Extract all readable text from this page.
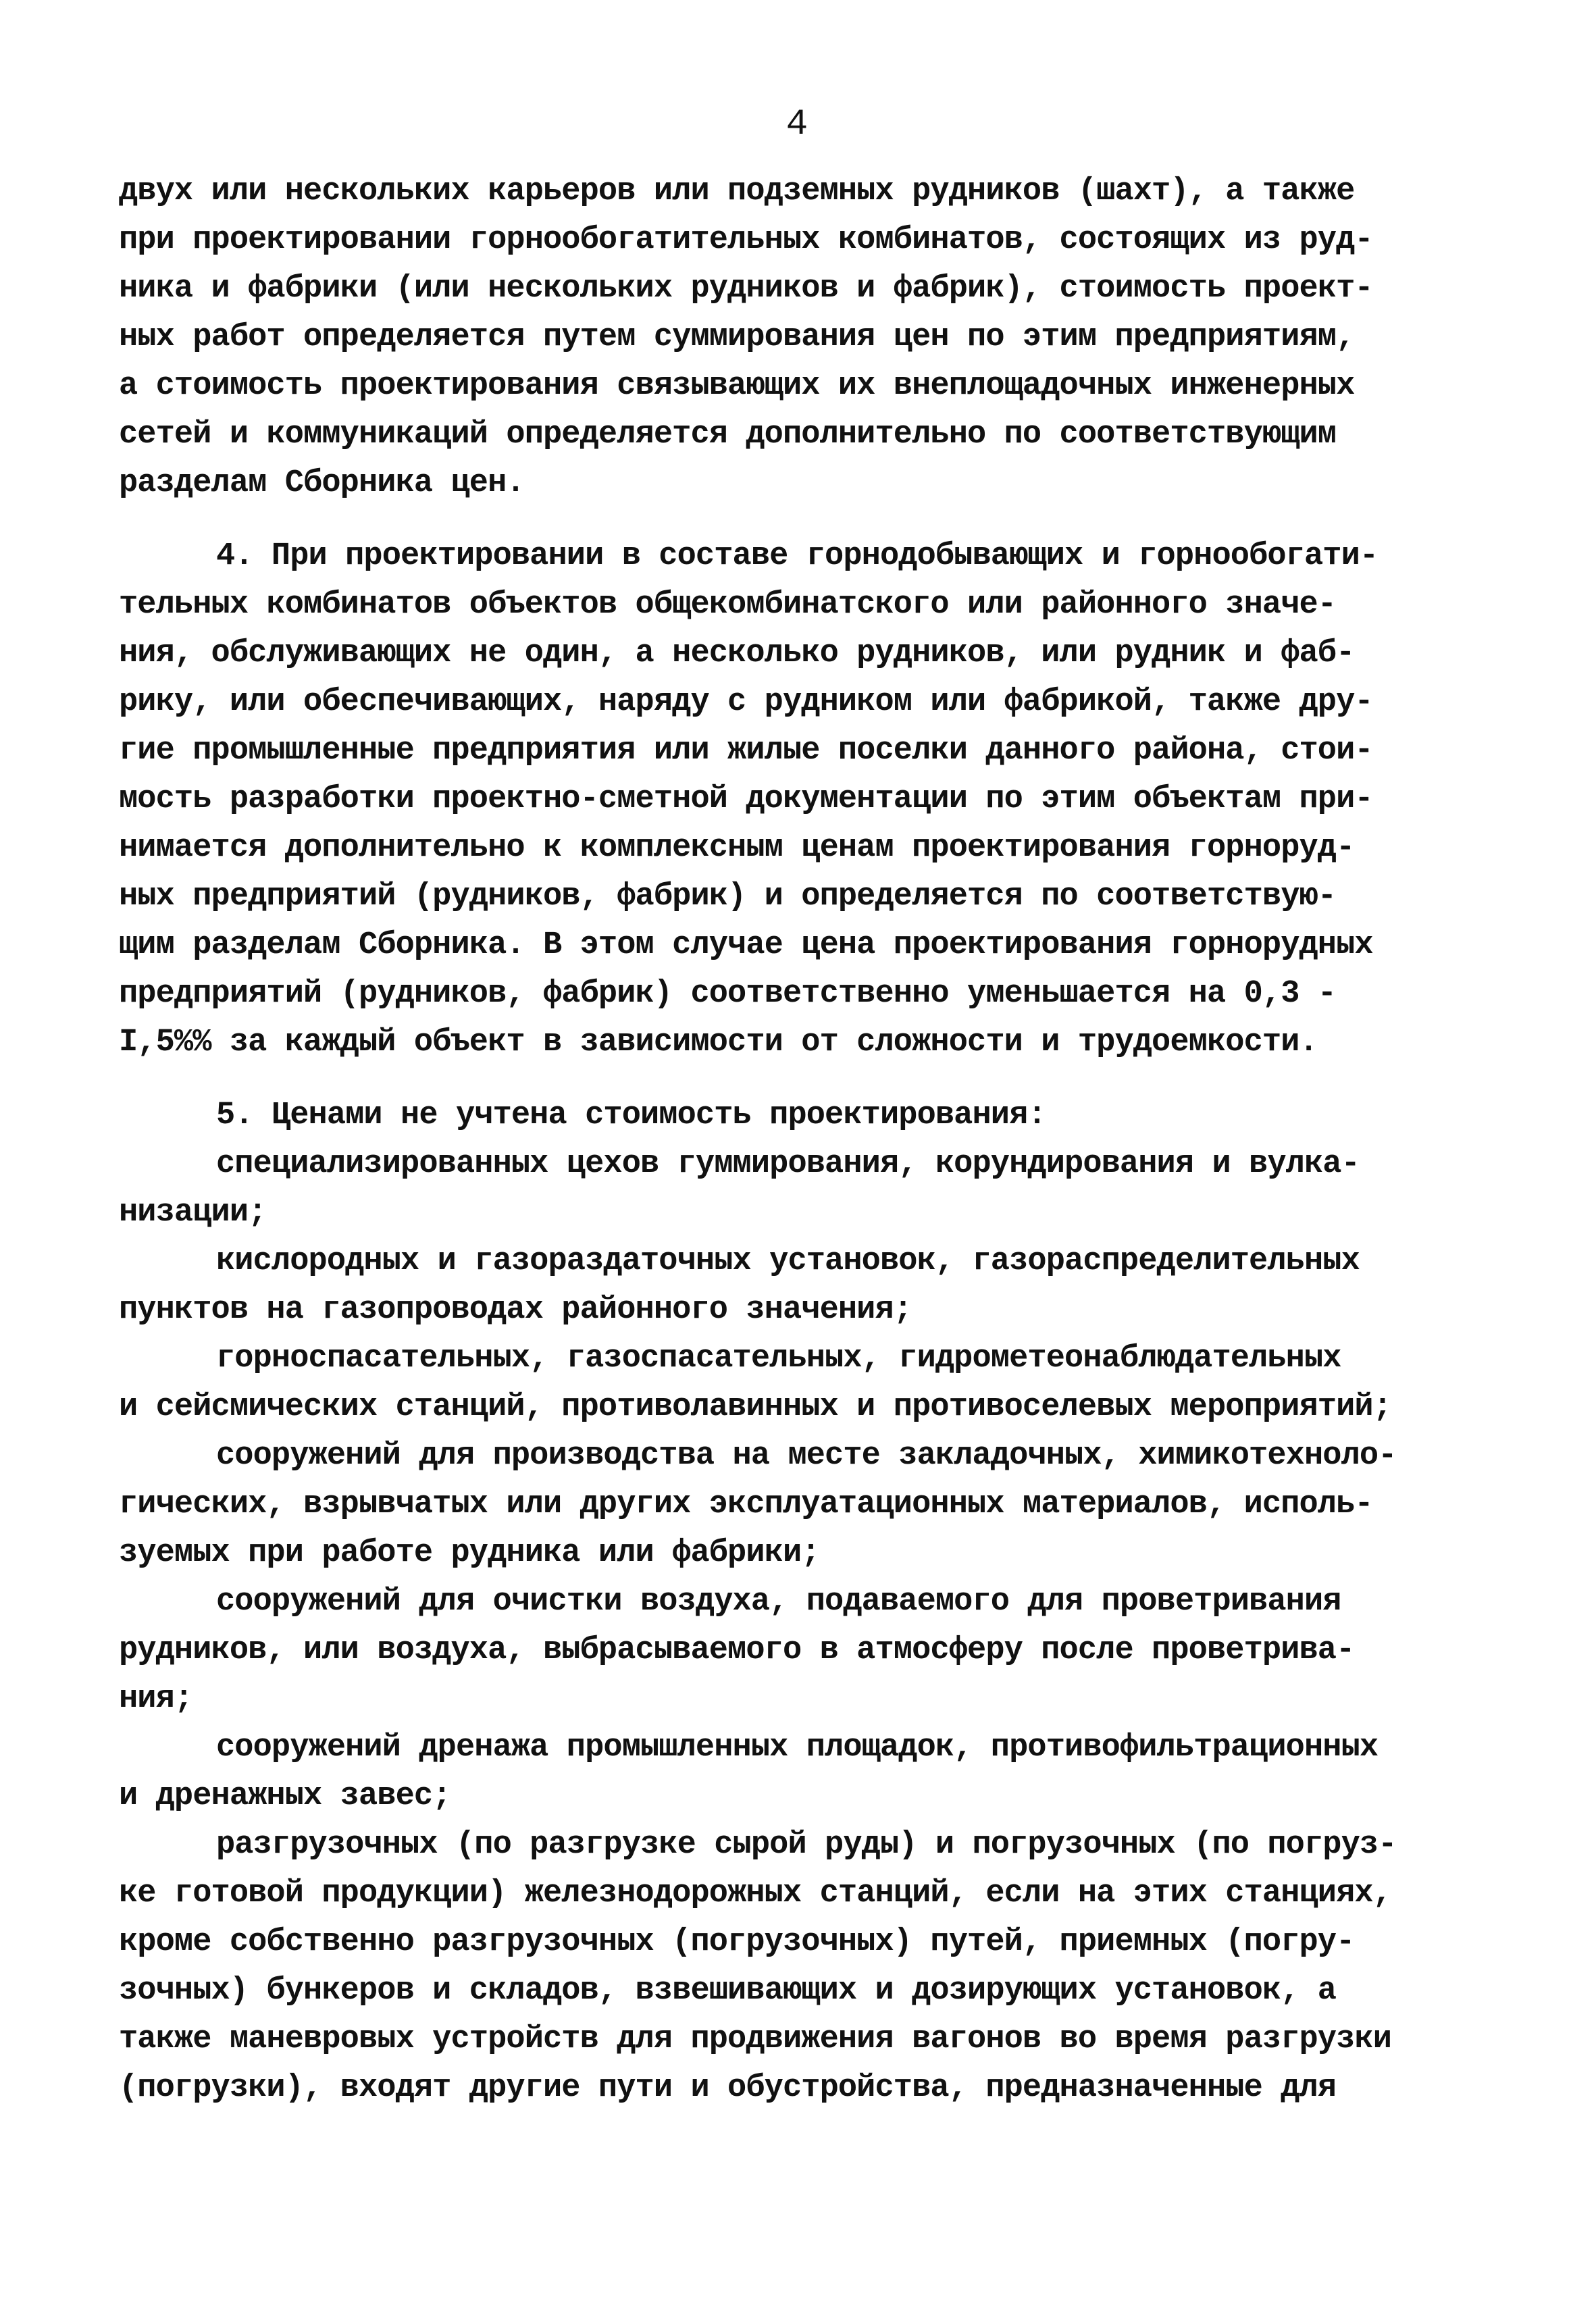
4
двух или нескольких карьеров или подземных рудников (шахт), а также
при проектировании горнообогатительных комбинатов, состоящих из руд-
ника и фабрики (или нескольких рудников и фабрик), стоимость проект-
ных работ определяется путем суммирования цен по этим предприятиям,
а стоимость проектирования связывающих их внеплощадочных инженерных
сетей и коммуникаций определяется дополнительно по соответствующим
разделам Сборника цен.
4. При проектировании в составе горнодобывающих и горнообогати-
тельных комбинатов объектов общекомбинатского или районного значе-
ния, обслуживающих не один, а несколько рудников, или рудник и фаб-
рику, или обеспечивающих, наряду с рудником или фабрикой, также дру-
гие промышленные предприятия или жилые поселки данного района, стои-
мость разработки проектно-сметной документации по этим объектам при-
нимается дополнительно к комплексным ценам проектирования горноруд-
ных предприятий (рудников, фабрик) и определяется по соответствую-
щим разделам Сборника. В этом случае цена проектирования горнорудных
предприятий (рудников, фабрик) соответственно уменьшается на 0,3 -
I,5%% за каждый объект в зависимости от сложности и трудоемкости.
5. Ценами не учтена стоимость проектирования:
специализированных цехов гуммирования, корундирования и вулка-
низации;
кислородных и газораздаточных установок, газораспределительных
пунктов на газопроводах районного значения;
горноспасательных, газоспасательных, гидрометеонаблюдательных
и сейсмических станций, противолавинных и противоселевых мероприятий;
сооружений для производства на месте закладочных, химикотехноло-
гических, взрывчатых или других эксплуатационных материалов, исполь-
зуемых при работе рудника или фабрики;
сооружений для очистки воздуха, подаваемого для проветривания
рудников, или воздуха, выбрасываемого в атмосферу после проветрива-
ния;
сооружений дренажа промышленных площадок, противофильтрационных
и дренажных завес;
разгрузочных (по разгрузке сырой руды) и погрузочных (по погруз-
ке готовой продукции) железнодорожных станций, если на этих станциях,
кроме собственно разгрузочных (погрузочных) путей, приемных (погру-
зочных) бункеров и складов, взвешивающих и дозирующих установок, а
также маневровых устройств для продвижения вагонов во время разгрузки
(погрузки), входят другие пути и обустройства, предназначенные для
